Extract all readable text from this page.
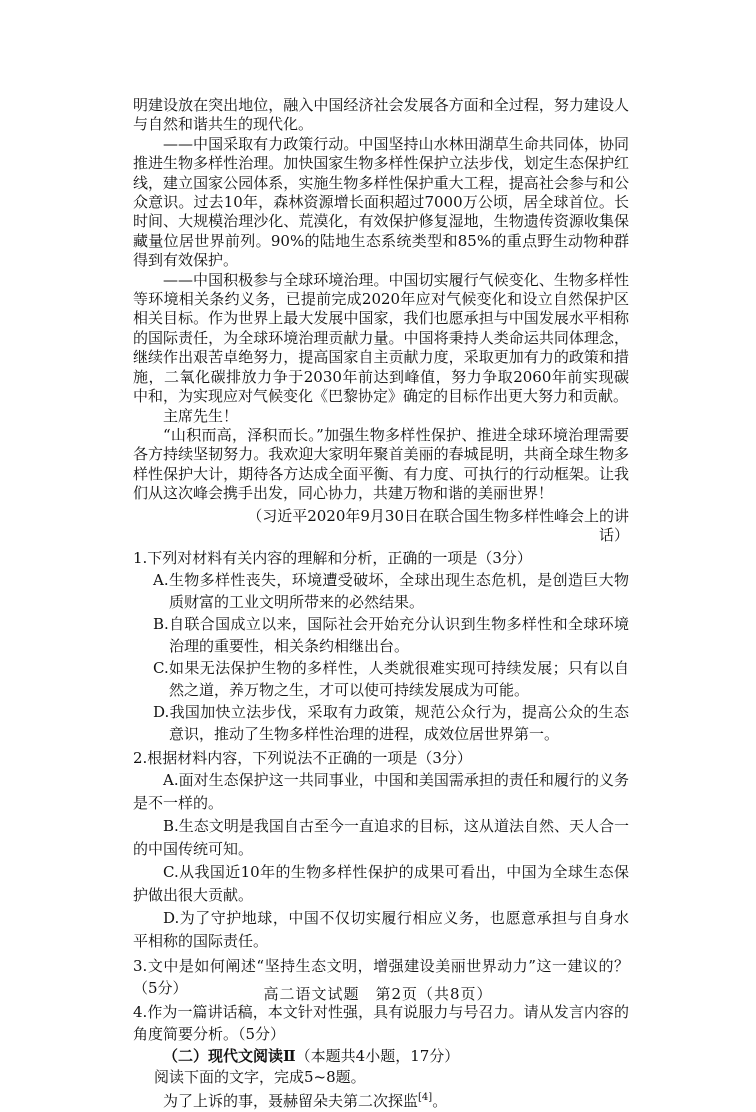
明建设放在突出地位，融入中国经济社会发展各方面和全过程，努力建设人与自然和谐共生的现代化。

——中国采取有力政策行动。中国坚持山水林田湖草生命共同体，协同推进生物多样性治理。加快国家生物多样性保护立法步伐，划定生态保护红线，建立国家公园体系，实施生物多样性保护重大工程，提高社会参与和公众意识。过去10年，森林资源增长面积超过7000万公顷，居全球首位。长时间、大规模治理沙化、荒漠化，有效保护修复湿地，生物遗传资源收集保藏量位居世界前列。90%的陆地生态系统类型和85%的重点野生动物种群得到有效保护。

——中国积极参与全球环境治理。中国切实履行气候变化、生物多样性等环境相关条约义务，已提前完成2020年应对气候变化和设立自然保护区相关目标。作为世界上最大发展中国家，我们也愿承担与中国发展水平相称的国际责任，为全球环境治理贡献力量。中国将秉持人类命运共同体理念，继续作出艰苦卓绝努力，提高国家自主贡献力度，采取更加有力的政策和措施，二氧化碳排放力争于2030年前达到峰值，努力争取2060年前实现碳中和，为实现应对气候变化《巴黎协定》确定的目标作出更大努力和贡献。

主席先生！

“山积而高，泽积而长。”加强生物多样性保护、推进全球环境治理需要各方持续坚韧努力。我欢迎大家明年聚首美丽的春城昆明，共商全球生物多样性保护大计，期待各方达成全面平衡、有力度、可执行的行动框架。让我们从这次峰会携手出发，同心协力，共建万物和谐的美丽世界！

（习近平2020年9月30日在联合国生物多样性峰会上的讲话）

1.下列对材料有关内容的理解和分析，正确的一项是（3分）

A.生物多样性丧失，环境遭受破坏，全球出现生态危机，是创造巨大物质财富的工业文明所带来的必然结果。

B.自联合国成立以来，国际社会开始充分认识到生物多样性和全球环境治理的重要性，相关条约相继出台。

C.如果无法保护生物的多样性，人类就很难实现可持续发展；只有以自然之道，养万物之生，才可以使可持续发展成为可能。

D.我国加快立法步伐，采取有力政策，规范公众行为，提高公众的生态意识，推动了生物多样性治理的进程，成效位居世界第一。

2.根据材料内容，下列说法不正确的一项是（3分）

A.面对生态保护这一共同事业，中国和美国需承担的责任和履行的义务是不一样的。

B.生态文明是我国自古至今一直追求的目标，这从道法自然、天人合一的中国传统可知。

C.从我国近10年的生物多样性保护的成果可看出，中国为全球生态保护做出很大贡献。

D.为了守护地球，中国不仅切实履行相应义务，也愿意承担与自身水平相称的国际责任。

3.文中是如何阐述“坚持生态文明，增强建设美丽世界动力”这一建议的？（5分）

4.作为一篇讲话稿，本文针对性强，具有说服力与号召力。请从发言内容的角度简要分析。（5分）

（二）现代文阅读Ⅱ（本题共4小题，17分）

阅读下面的文字，完成5~8题。

为了上诉的事，聂赫留朵夫第二次探监[4]。

高二语文试题　第2页（共8页）
